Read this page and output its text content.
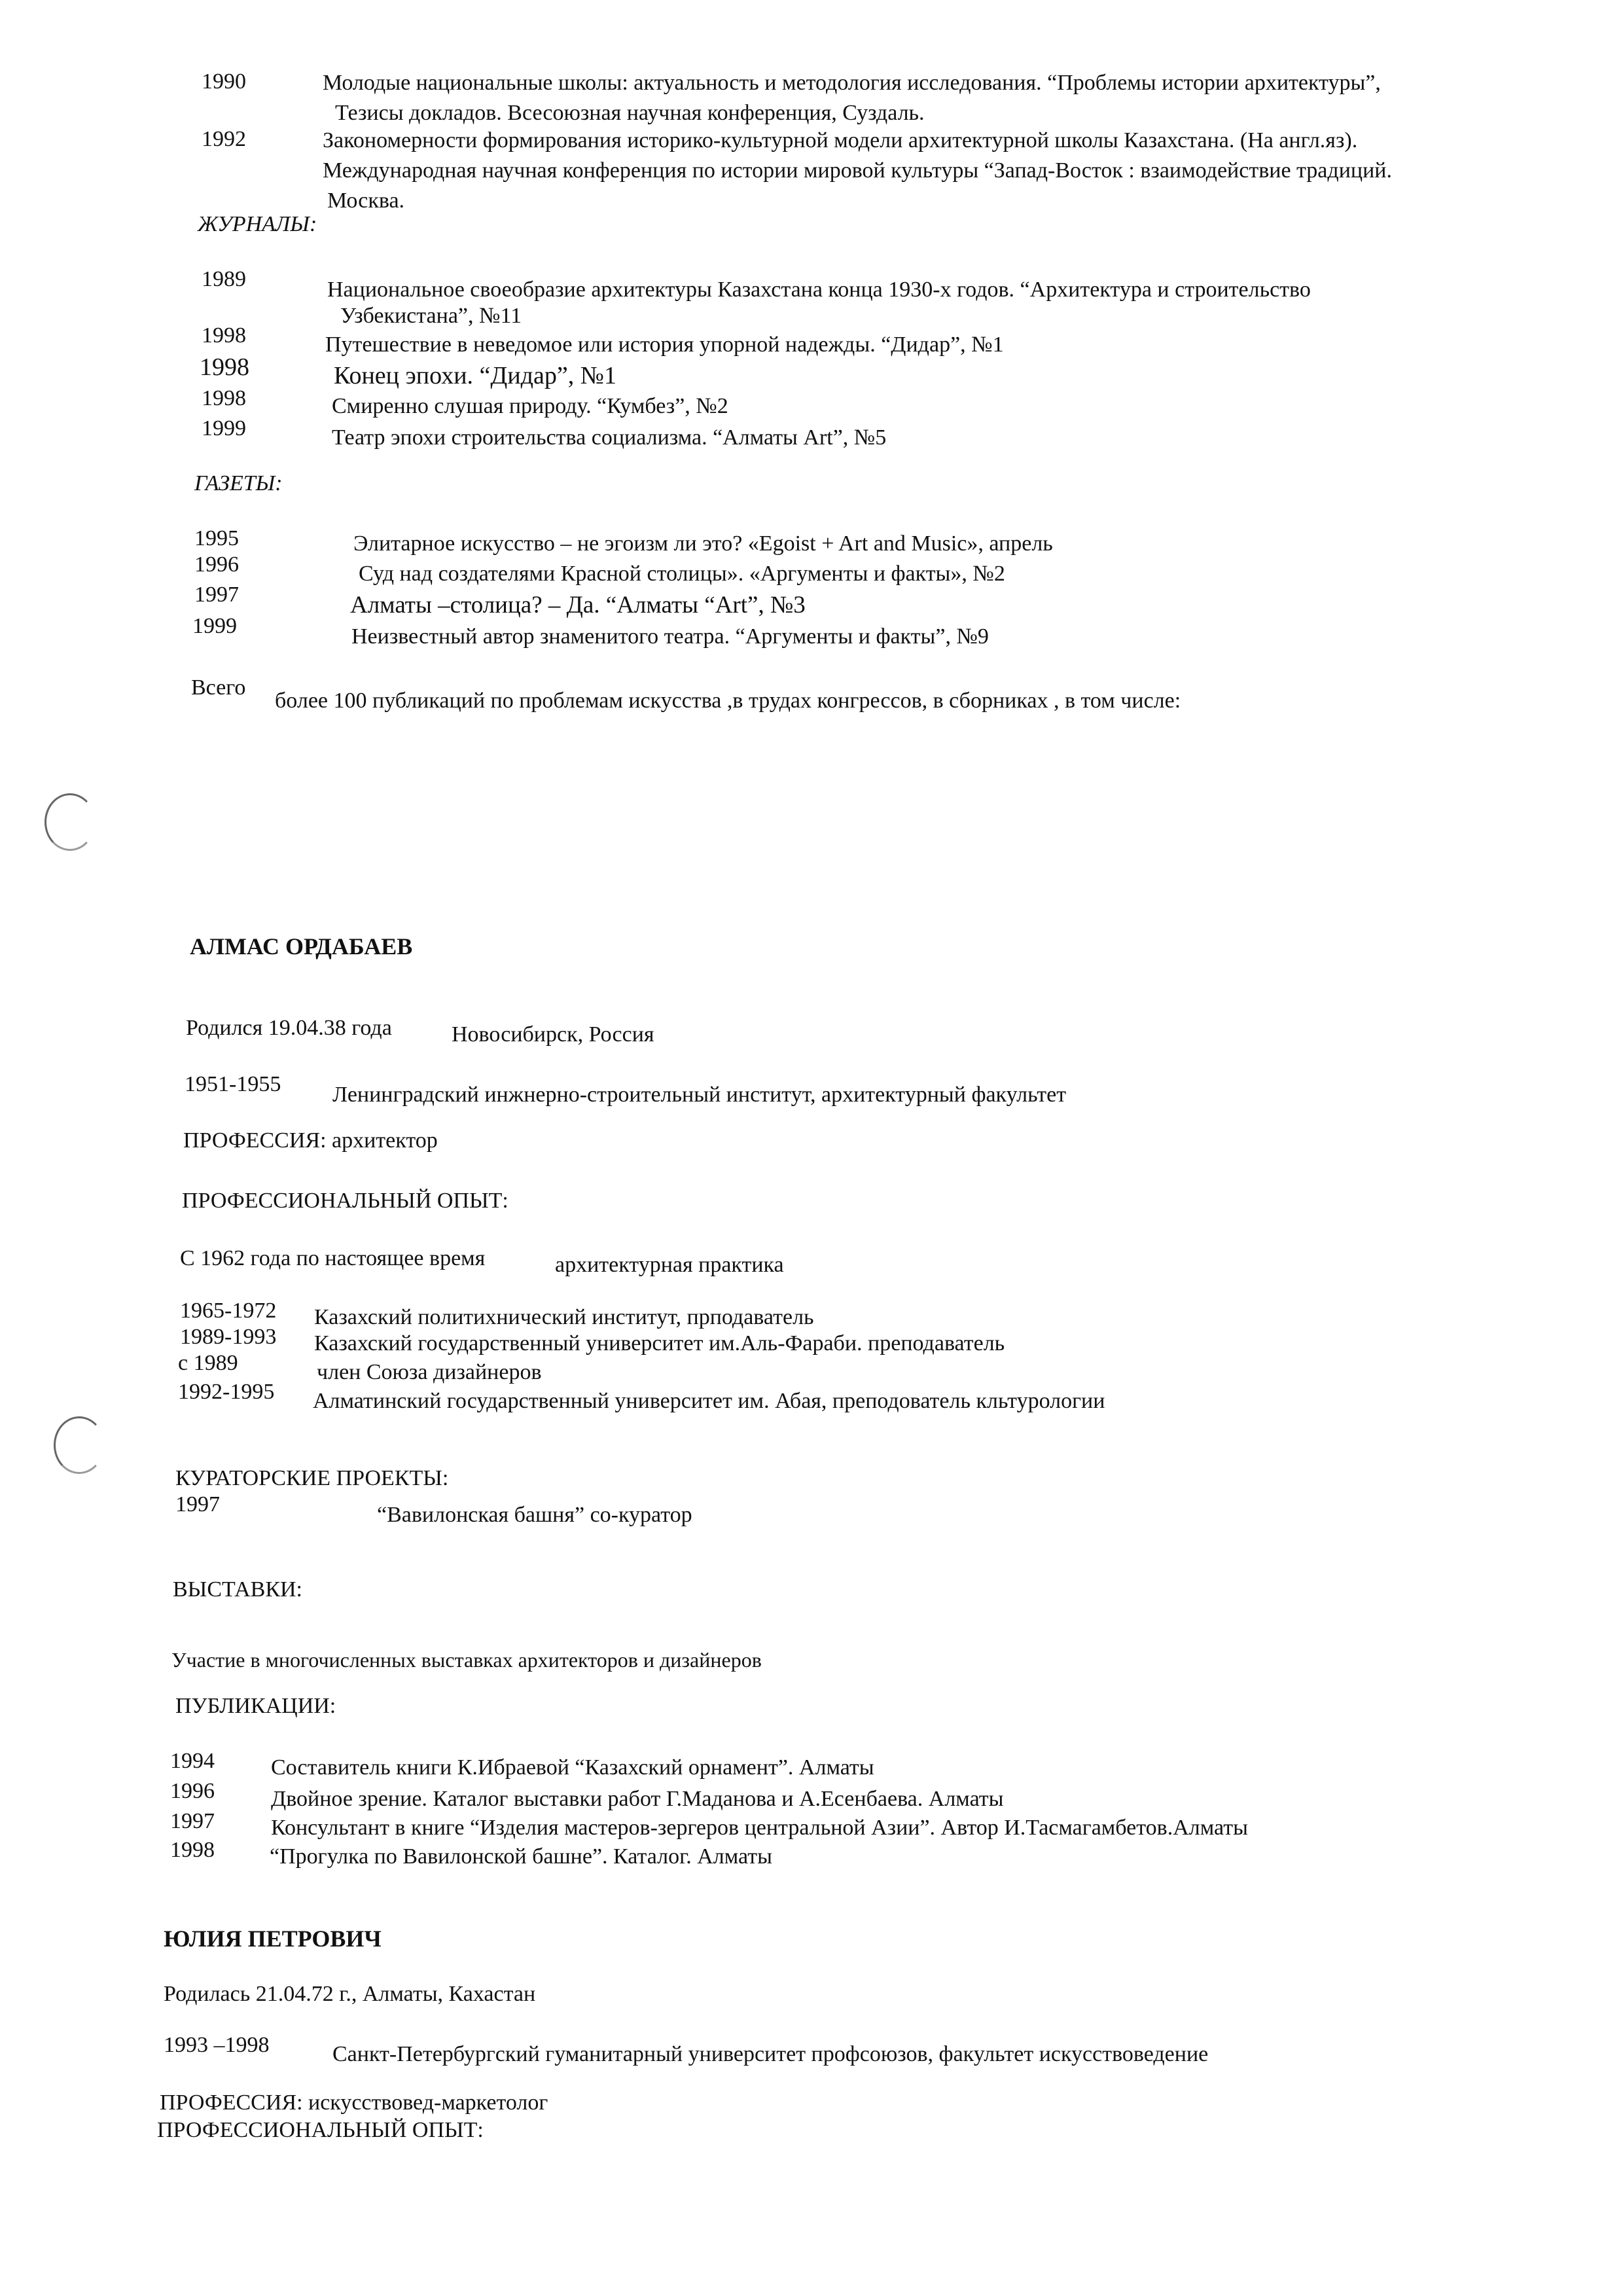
1990	Молодые национальные школы: актуальность и методология исследования. “Проблемы истории архитектуры”,
Тезисы докладов. Всесоюзная научная конференция, Суздаль.
1992	Закономерности формирования историко-культурной модели архитектурной школы Казахстана. (На англ.яз).
Международная научная конференция по истории мировой культуры “Запад-Восток : взаимодействие традиций.
Москва.
ЖУРНАЛЫ:
1989	Национальное своеобразие архитектуры Казахстана конца 1930-х годов. “Архитектура и строительство
Узбекистана”, №11
1998	Путешествие в неведомое или история упорной надежды. “Дидар”, №1
1998	Конец эпохи. “Дидар”, №1
1998	Смиренно слушая природу. “Кумбез”, №2
1999	Театр эпохи строительства социализма. “Алматы Art”, №5
ГАЗЕТЫ:
1995	Элитарное искусство – не эгоизм ли это? «Egoist + Art and Music», апрель
1996	Суд над создателями Красной столицы». «Аргументы и факты», №2
1997	Алматы –столица? – Да. “Алматы “Art”, №3
1999	Неизвестный автор знаменитого театра. “Аргументы и факты”, №9
Всего
более 100 публикаций по проблемам искусства ,в трудах конгрессов, в сборниках , в том числе:
АЛМАС ОРДАБАЕВ
Родился 19.04.38 года	Новосибирск, Россия
1951-1955 Ленинградский инжнерно-строительный институт, архитектурный факультет
ПРОФЕССИЯ: архитектор
ПРОФЕССИОНАЛЬНЫЙ ОПЫТ:
С 1962 года по настоящее время	архитектурная практика
1965-1972 Казахский политихнический институт, прподаватель
1989-1993 Казахский государственный университет им.Аль-Фараби. преподаватель
с 1989	член Союза дизайнеров
1992-1995 Алматинский государственный университет им. Абая, преподователь кльтурологии
КУРАТОРСКИЕ ПРОЕКТЫ:
1997	“Вавилонская башня” со-куратор
ВЫСТАВКИ:
Участие в многочисленных выставках архитекторов и дизайнеров
ПУБЛИКАЦИИ:
1994	Составитель книги К.Ибраевой “Казахский орнамент”. Алматы
1996	Двойное зрение. Каталог выставки работ Г.Маданова и А.Есенбаева. Алматы
1997	Консультант в книге “Изделия мастеров-зергеров центральной Азии”. Автор И.Тасмагамбетов.Алматы
1998 “Прогулка по Вавилонской башне”. Каталог. Алматы
ЮЛИЯ ПЕТРОВИЧ
Родилась 21.04.72 г., Алматы, Кахастан
1993 –1998	Санкт-Петербургский гуманитарный университет профсоюзов, факультет искусствоведение
ПРОФЕССИЯ: искусствовед-маркетолог
ПРОФЕССИОНАЛЬНЫЙ ОПЫТ:
